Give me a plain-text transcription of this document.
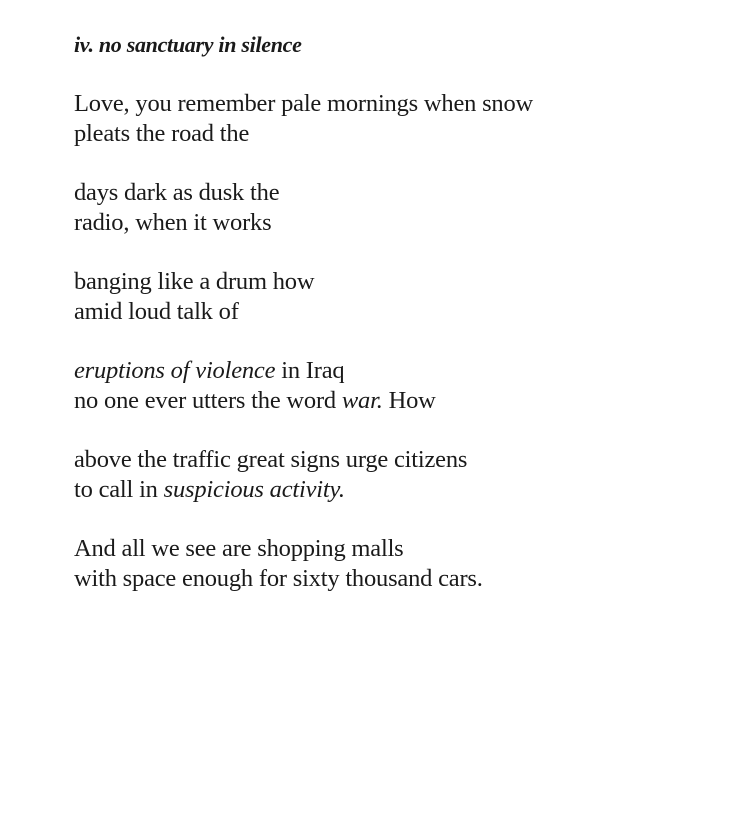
iv. no sanctuary in silence
Love, you remember pale mornings when snow
pleats the road the
days dark as dusk the
radio, when it works
banging like a drum how
amid loud talk of
eruptions of violence in Iraq
no one ever utters the word war. How
above the traffic great signs urge citizens
to call in suspicious activity.
And all we see are shopping malls
with space enough for sixty thousand cars.
